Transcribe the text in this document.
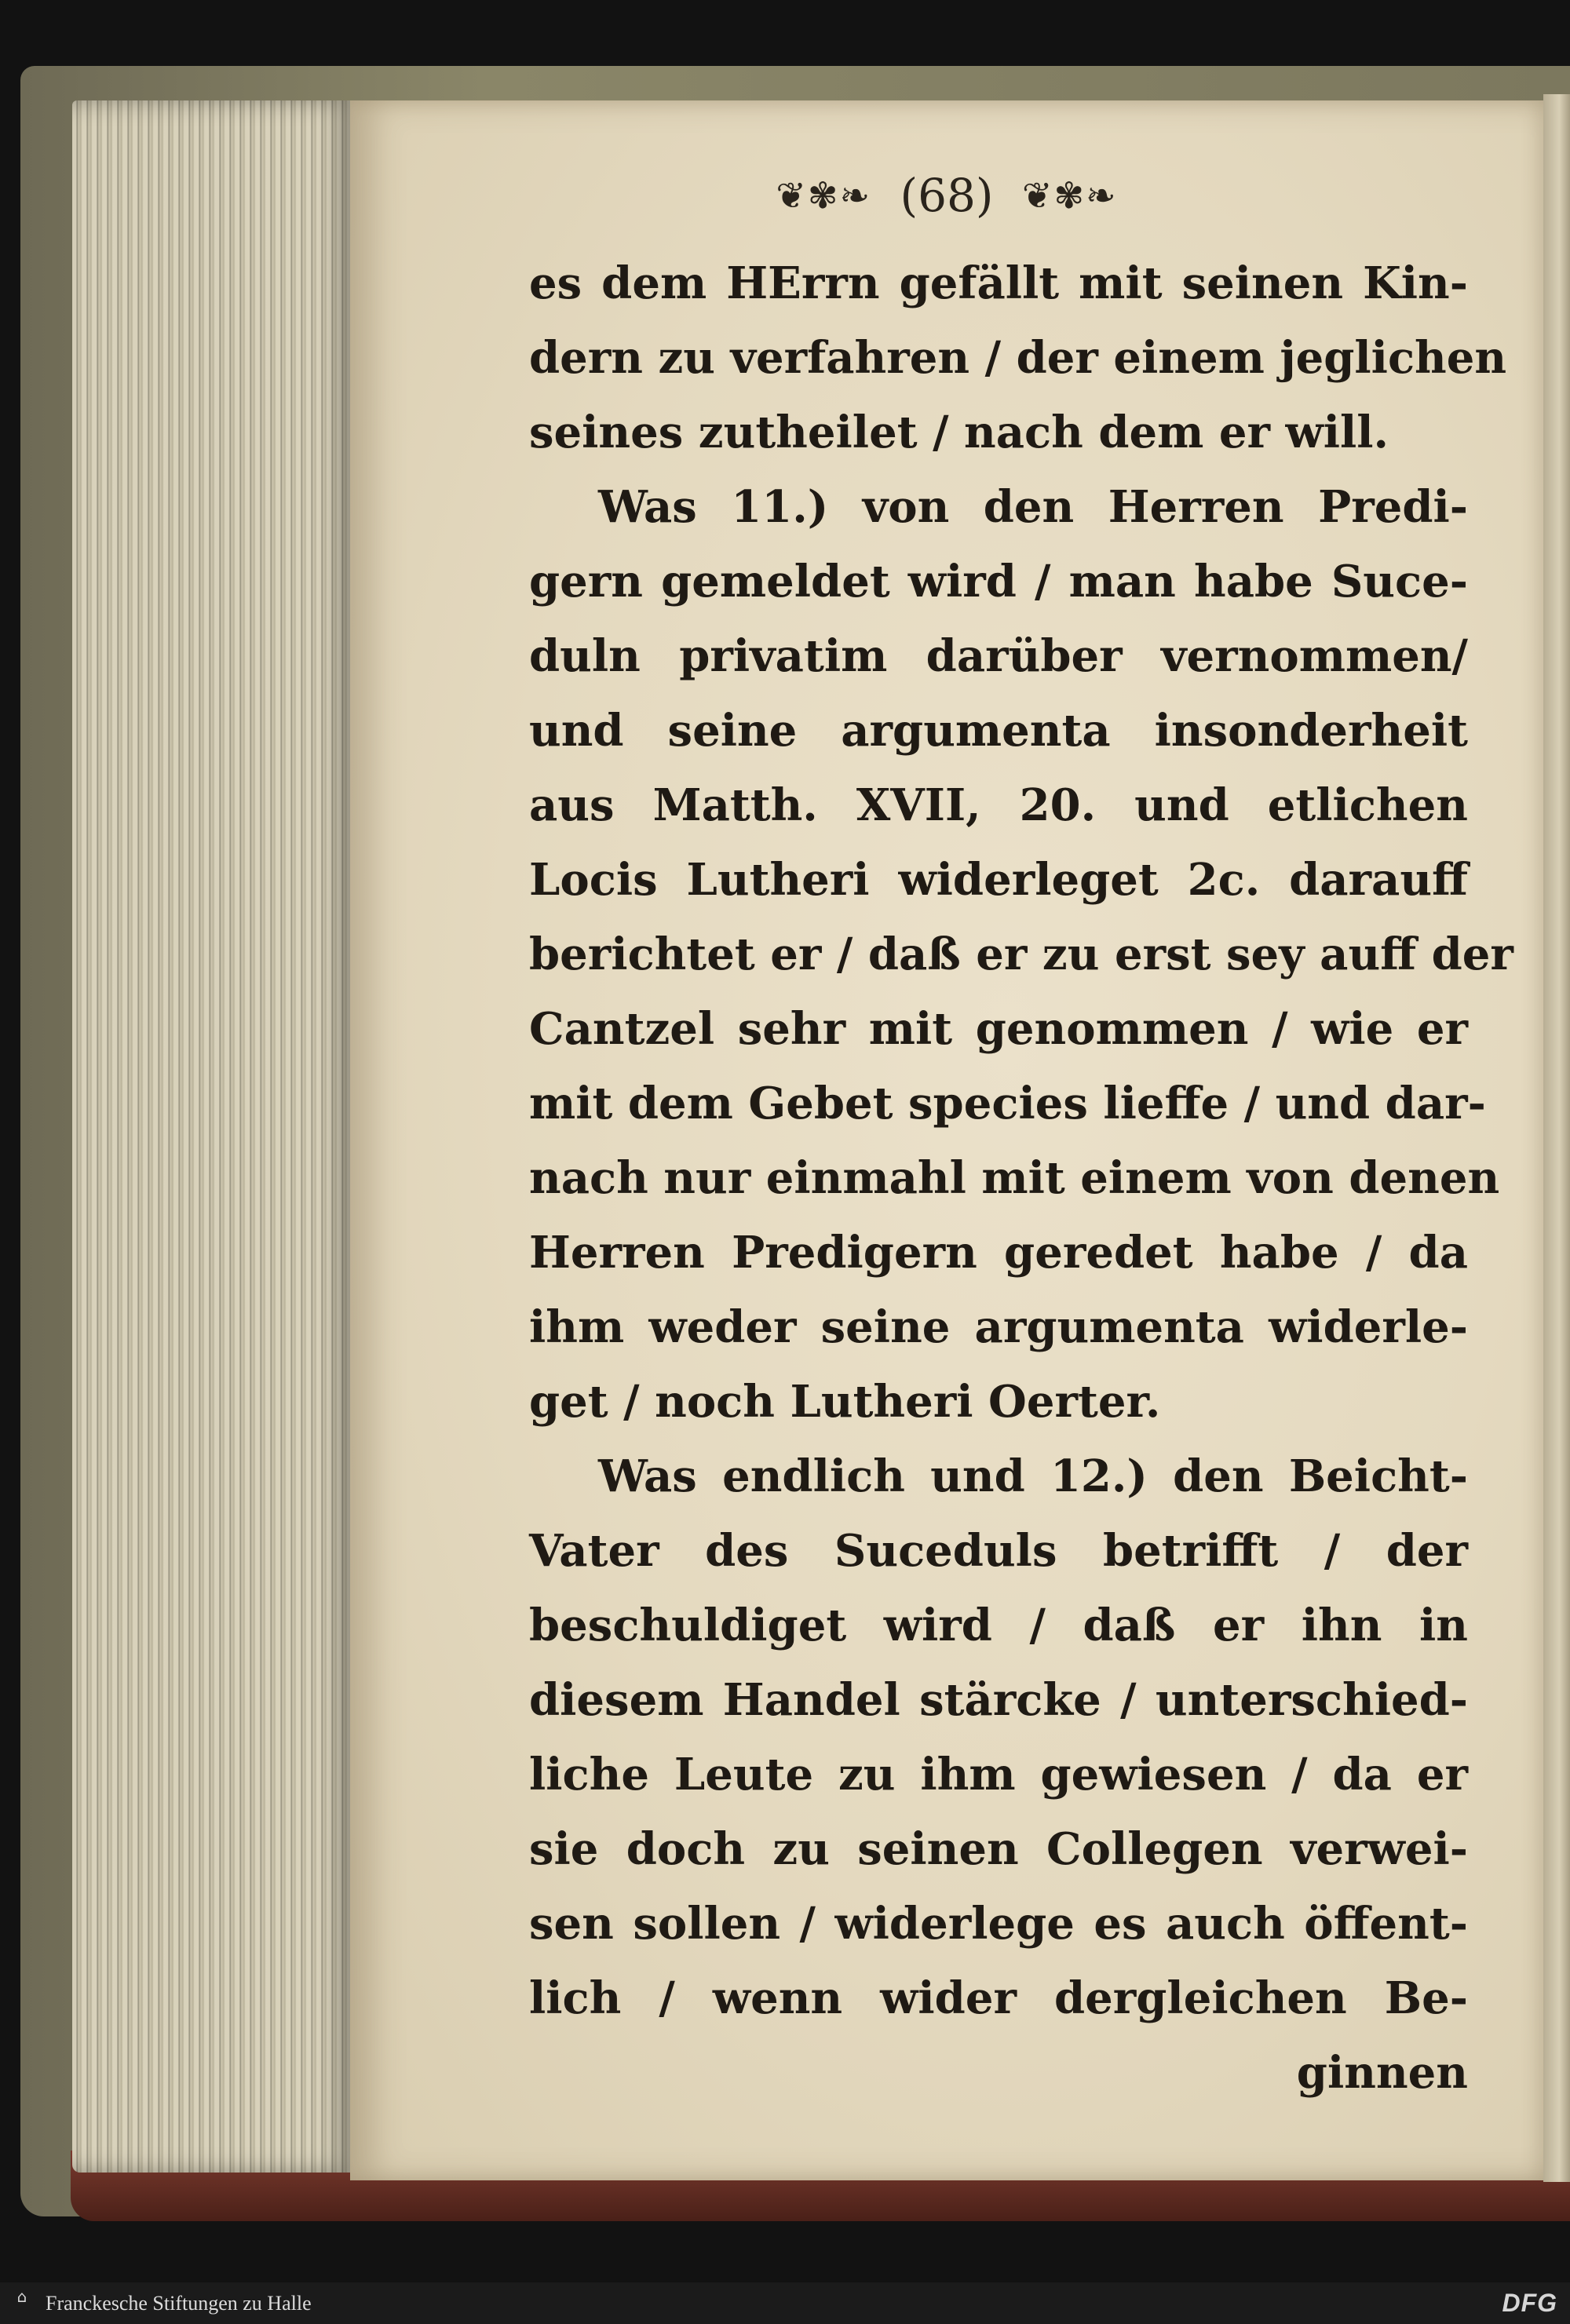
❦✾❧ (68) ❦✾❧
es dem HErrn gefällt mit seinen Kin-
dern zu verfahren / der einem jeglichen
seines zutheilet / nach dem er will.
Was 11.) von den Herren Predi-
gern gemeldet wird / man habe Suce-
duln privatim darüber vernommen/
und seine argumenta insonderheit
aus Matth. XVII, 20. und etlichen
Locis Lutheri widerleget 2c. darauff
berichtet er / daß er zu erst sey auff der
Cantzel sehr mit genommen / wie er
mit dem Gebet species lieffe / und dar-
nach nur einmahl mit einem von denen
Herren Predigern geredet habe / da
ihm weder seine argumenta widerle-
get / noch Lutheri Oerter.
Was endlich und 12.) den Beicht-
Vater des Suceduls betrifft / der
beschuldiget wird / daß er ihn in
diesem Handel stärcke / unterschied-
liche Leute zu ihm gewiesen / da er
sie doch zu seinen Collegen verwei-
sen sollen / widerlege es auch öffent-
lich / wenn wider dergleichen Be-
ginnen
⌂ Franckesche Stiftungen zu Halle	DFG
